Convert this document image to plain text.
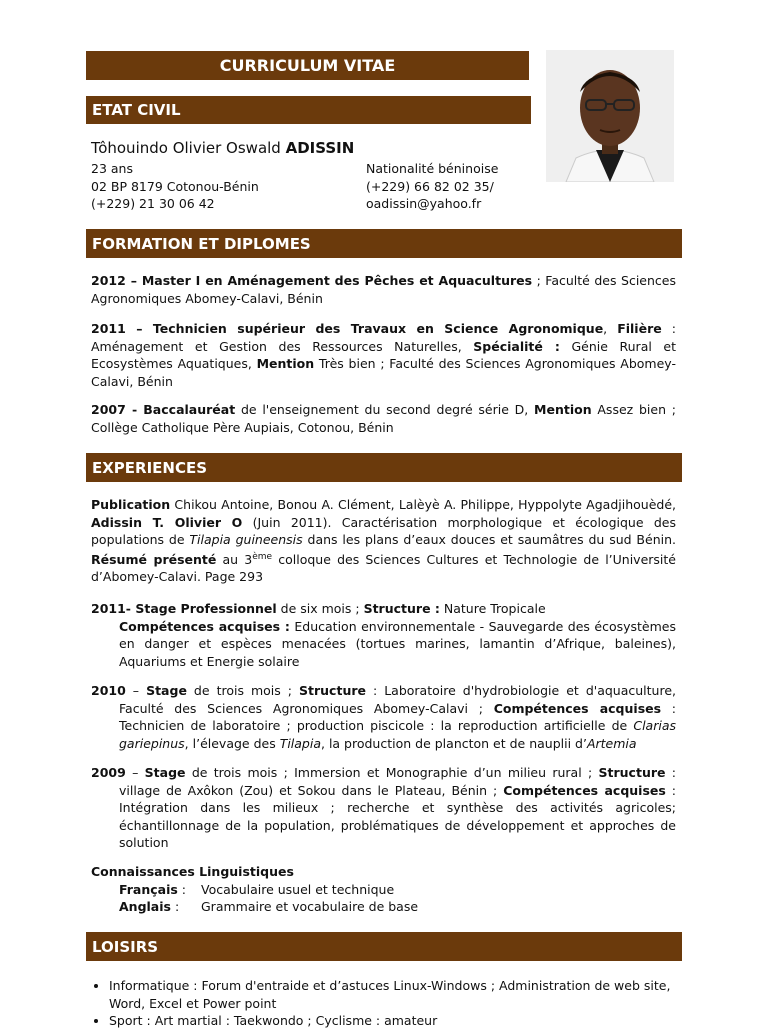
CURRICULUM VITAE
ETAT CIVIL
Tôhouindo Olivier Oswald ADISSIN
23 ans
02 BP 8179 Cotonou-Bénin
(+229) 21 30 06 42
Nationalité béninoise
(+229) 66 82 02 35/
oadissin@yahoo.fr
FORMATION ET DIPLOMES
2012 – Master I en Aménagement des Pêches et Aquacultures ; Faculté des Sciences Agronomiques Abomey-Calavi, Bénin
2011 – Technicien supérieur des Travaux en Science Agronomique, Filière : Aménagement et Gestion des Ressources Naturelles, Spécialité : Génie Rural et Ecosystèmes Aquatiques, Mention Très bien ; Faculté des Sciences Agronomiques Abomey-Calavi, Bénin
2007 - Baccalauréat de l'enseignement du second degré série D, Mention Assez bien ; Collège Catholique Père Aupiais, Cotonou, Bénin
EXPERIENCES
Publication Chikou Antoine, Bonou A. Clément, Lalèyè A. Philippe, Hyppolyte Agadjihouèdé, Adissin T. Olivier O (Juin 2011). Caractérisation morphologique et écologique des populations de Tilapia guineensis dans les plans d’eaux douces et saumâtres du sud Bénin. Résumé présenté au 3ème colloque des Sciences Cultures et Technologie de l’Université d’Abomey-Calavi. Page 293
2011- Stage Professionnel de six mois ; Structure : Nature Tropicale
Compétences acquises : Education environnementale - Sauvegarde des écosystèmes en danger et espèces menacées (tortues marines, lamantin d’Afrique, baleines), Aquariums et Energie solaire
2010 – Stage de trois mois ; Structure : Laboratoire d'hydrobiologie et d'aquaculture, Faculté des Sciences Agronomiques Abomey-Calavi ; Compétences acquises : Technicien de laboratoire ; production piscicole : la reproduction artificielle de Clarias gariepinus, l’élevage des Tilapia, la production de plancton et de nauplii d’Artemia
2009 – Stage de trois mois ; Immersion et Monographie d’un milieu rural ; Structure : village de Axôkon (Zou) et Sokou dans le Plateau, Bénin ; Compétences acquises : Intégration dans les milieux ; recherche et synthèse des activités agricoles; échantillonnage de la population, problématiques de développement et approches de solution
Connaissances Linguistiques
Français :	Vocabulaire usuel et technique
Anglais :	Grammaire et vocabulaire de base
LOISIRS
• Informatique : Forum d'entraide et d’astuces Linux-Windows ; Administration de web site, Word, Excel et Power point
• Sport : Art martial : Taekwondo ; Cyclisme : amateur
